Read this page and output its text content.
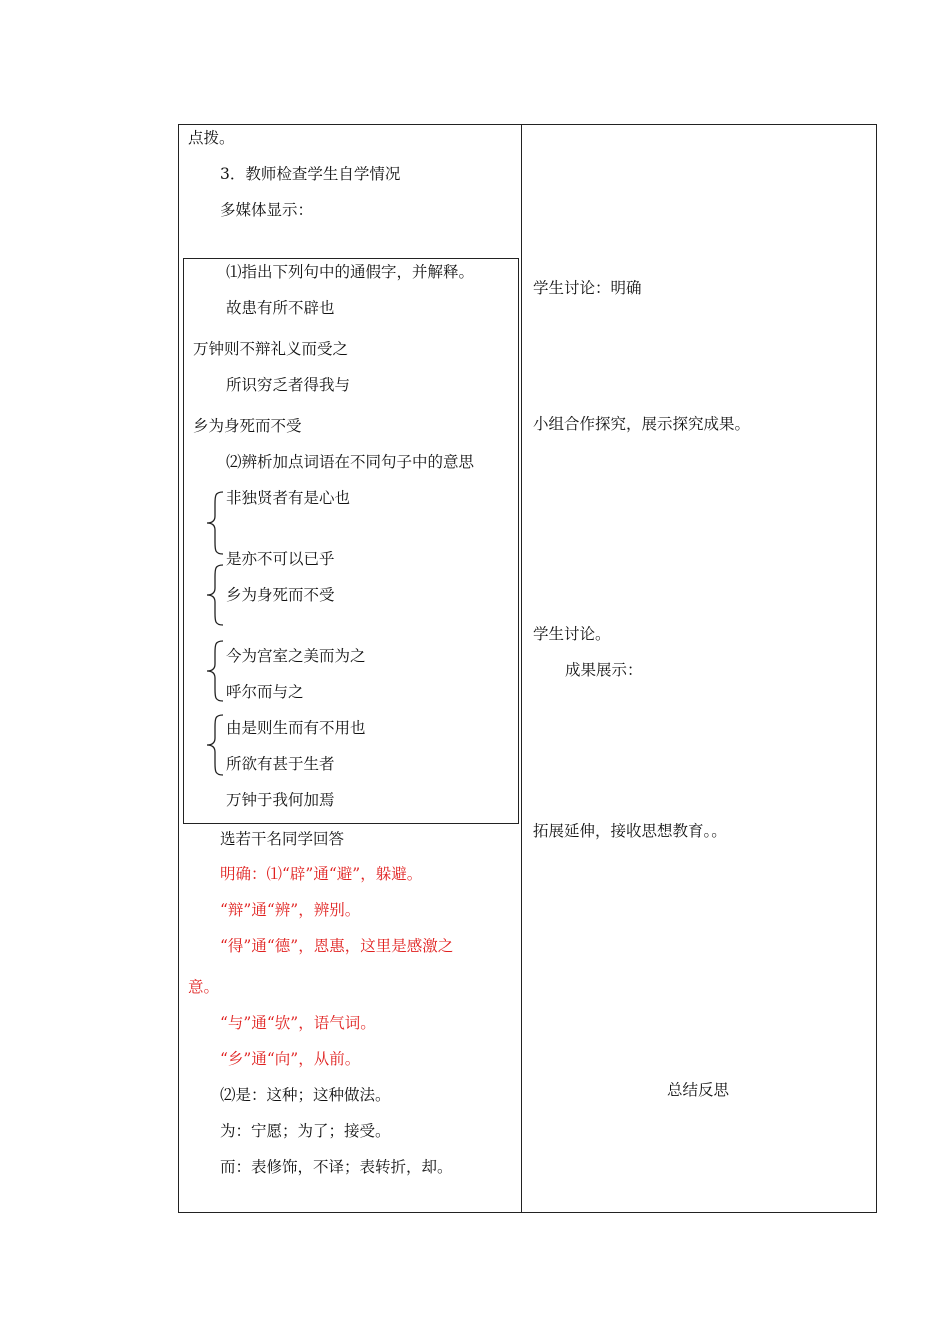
点拨。
3．教师检查学生自学情况
多媒体显示：
⑴指出下列句中的通假字，并解释。
故患有所不辟也
万钟则不辩礼义而受之
所识穷乏者得我与
乡为身死而不受
⑵辨析加点词语在不同句子中的意思
非独贤者有是心也
是亦不可以已乎
乡为身死而不受
今为宫室之美而为之
呼尔而与之
由是则生而有不用也
所欲有甚于生者
万钟于我何加焉
选若干名同学回答
明确：⑴“辟”通“避”，躲避。
“辩”通“辨”，辨别。
“得”通“德”，恩惠，这里是感激之
意。
“与”通“欤”，语气词。
“乡”通“向”，从前。
⑵是：这种；这种做法。
为：宁愿；为了；接受。
而：表修饰，不译；表转折，却。
学生讨论：明确
小组合作探究，展示探究成果。
学生讨论。
成果展示：
拓展延伸，接收思想教育。。
总结反思
